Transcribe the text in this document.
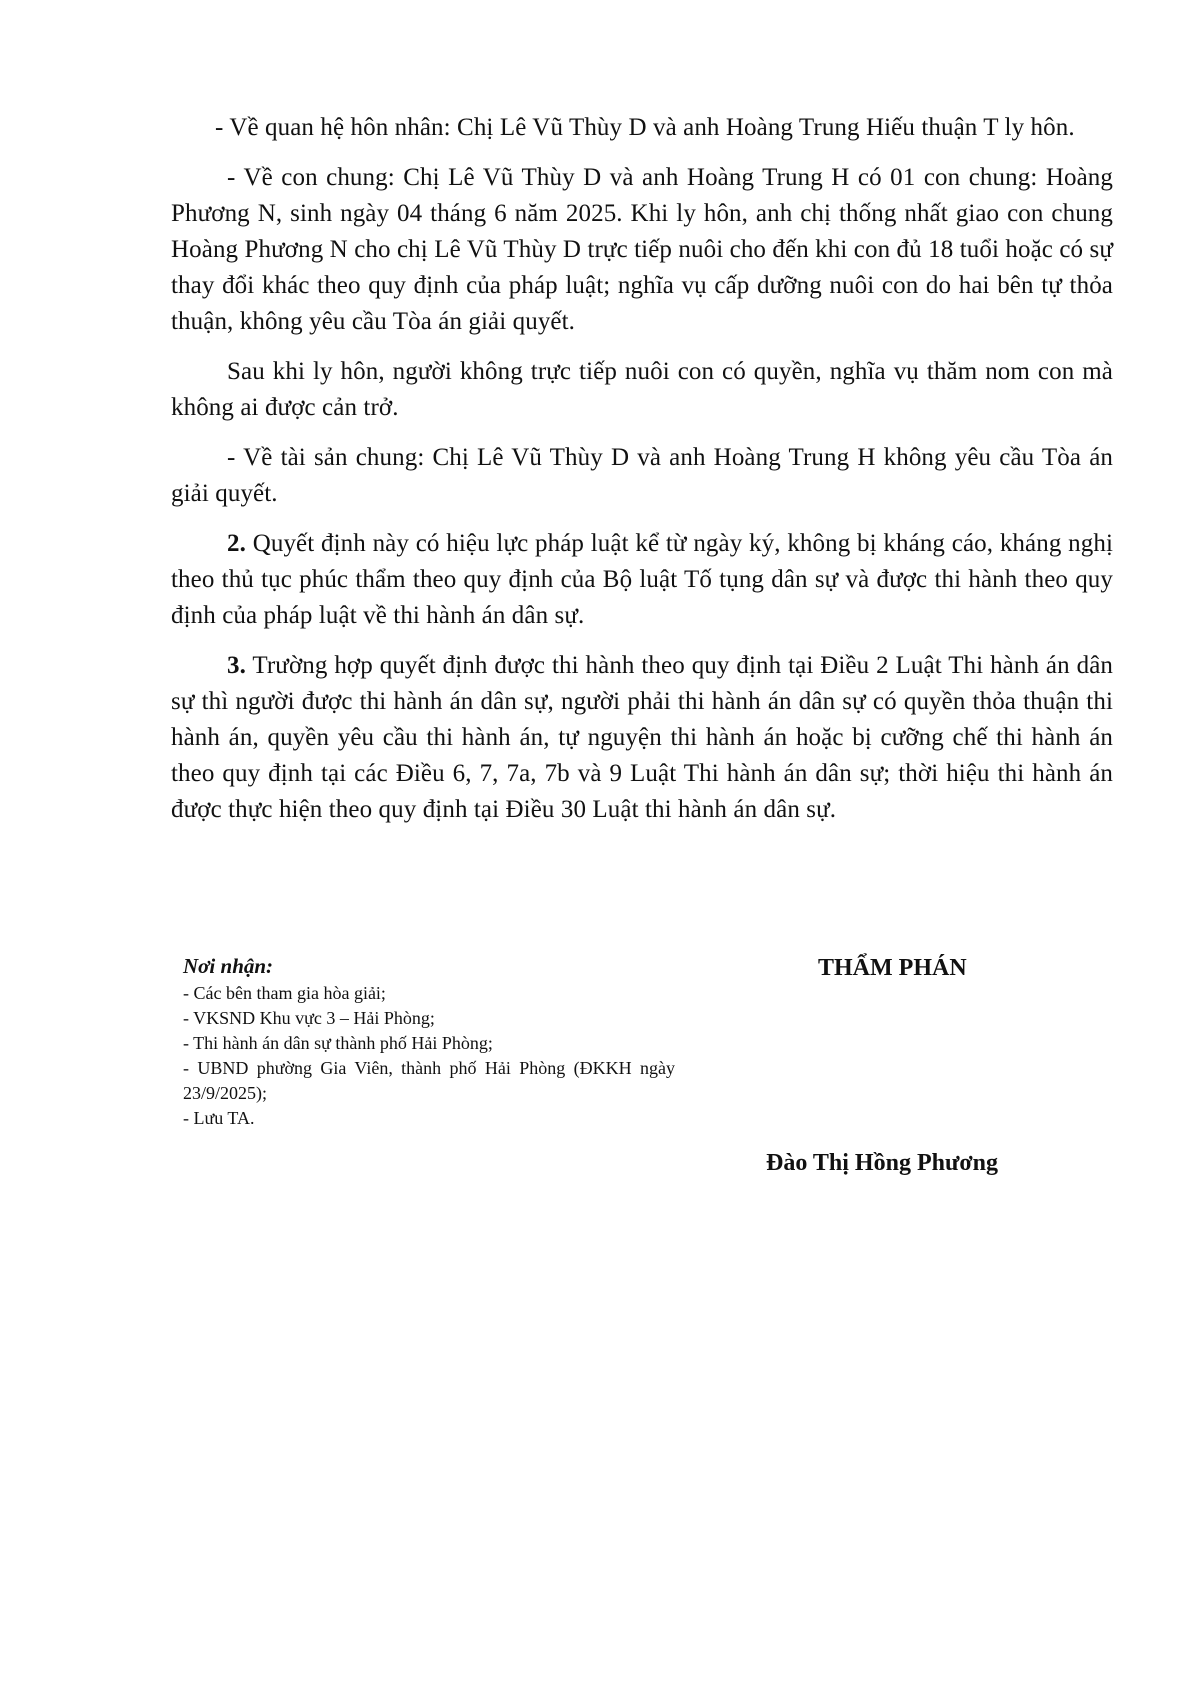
- Về quan hệ hôn nhân: Chị Lê Vũ Thùy D và anh Hoàng Trung Hiếu thuận T ly hôn.

- Về con chung: Chị Lê Vũ Thùy D và anh Hoàng Trung H có 01 con chung: Hoàng Phương N, sinh ngày 04 tháng 6 năm 2025. Khi ly hôn, anh chị thống nhất giao con chung Hoàng Phương N cho chị Lê Vũ Thùy D trực tiếp nuôi cho đến khi con đủ 18 tuổi hoặc có sự thay đổi khác theo quy định của pháp luật; nghĩa vụ cấp dưỡng nuôi con do hai bên tự thỏa thuận, không yêu cầu Tòa án giải quyết.

Sau khi ly hôn, người không trực tiếp nuôi con có quyền, nghĩa vụ thăm nom con mà không ai được cản trở.

- Về tài sản chung: Chị Lê Vũ Thùy D và anh Hoàng Trung H không yêu cầu Tòa án giải quyết.

2. Quyết định này có hiệu lực pháp luật kể từ ngày ký, không bị kháng cáo, kháng nghị theo thủ tục phúc thẩm theo quy định của Bộ luật Tố tụng dân sự và được thi hành theo quy định của pháp luật về thi hành án dân sự.

3. Trường hợp quyết định được thi hành theo quy định tại Điều 2 Luật Thi hành án dân sự thì người được thi hành án dân sự, người phải thi hành án dân sự có quyền thỏa thuận thi hành án, quyền yêu cầu thi hành án, tự nguyện thi hành án hoặc bị cưỡng chế thi hành án theo quy định tại các Điều 6, 7, 7a, 7b và 9 Luật Thi hành án dân sự; thời hiệu thi hành án được thực hiện theo quy định tại Điều 30 Luật thi hành án dân sự.

Nơi nhận:

- Các bên tham gia hòa giải;

- VKSND Khu vực 3 – Hải Phòng;

- Thi hành án dân sự thành phố Hải Phòng;

- UBND phường Gia Viên, thành phố Hải Phòng (ĐKKH ngày 23/9/2025);

- Lưu TA.

THẨM PHÁN

Đào Thị Hồng Phương
